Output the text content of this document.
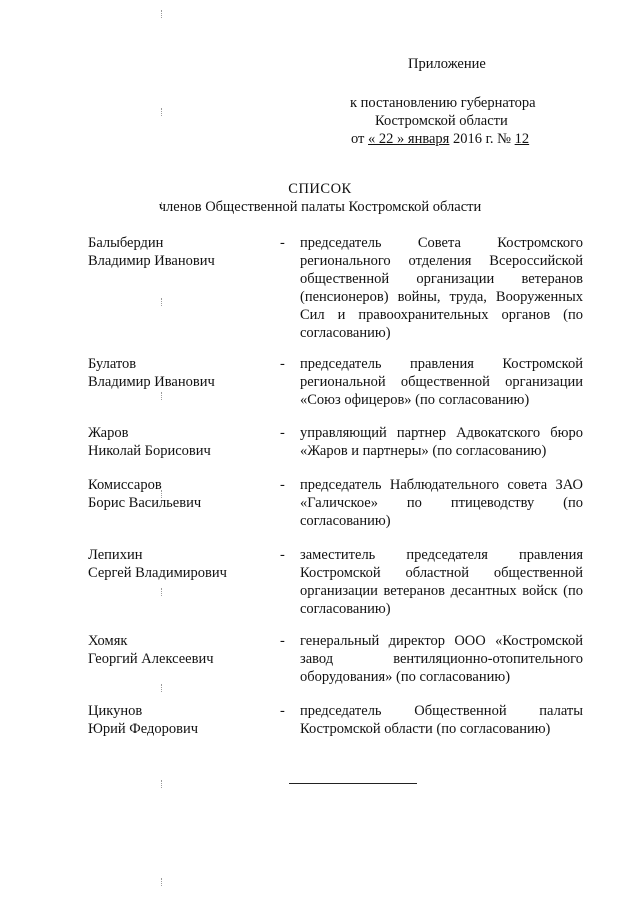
Приложение
к постановлению губернатора
Костромской области
от « 22 » января 2016 г. № 12
СПИСОК
членов Общественной палаты Костромской области
Балыбердин
Владимир Иванович
- председатель Совета Костромского регионального отделения Всероссийской общественной организации ветеранов (пенсионеров) войны, труда, Вооруженных Сил и правоохранительных органов (по согласованию)
Булатов
Владимир Иванович
- председатель правления Костромской региональной общественной организации «Союз офицеров» (по согласованию)
Жаров
Николай Борисович
- управляющий партнер Адвокатского бюро «Жаров и партнеры» (по согласованию)
Комиссаров
Борис Васильевич
- председатель Наблюдательного совета ЗАО «Галичское» по птицеводству (по согласованию)
Лепихин
Сергей Владимирович
- заместитель председателя правления Костромской областной общественной организации ветеранов десантных войск (по согласованию)
Хомяк
Георгий Алексеевич
- генеральный директор ООО «Костромской завод вентиляционно-отопительного оборудования» (по согласованию)
Цикунов
Юрий Федорович
- председатель Общественной палаты Костромской области (по согласованию)
